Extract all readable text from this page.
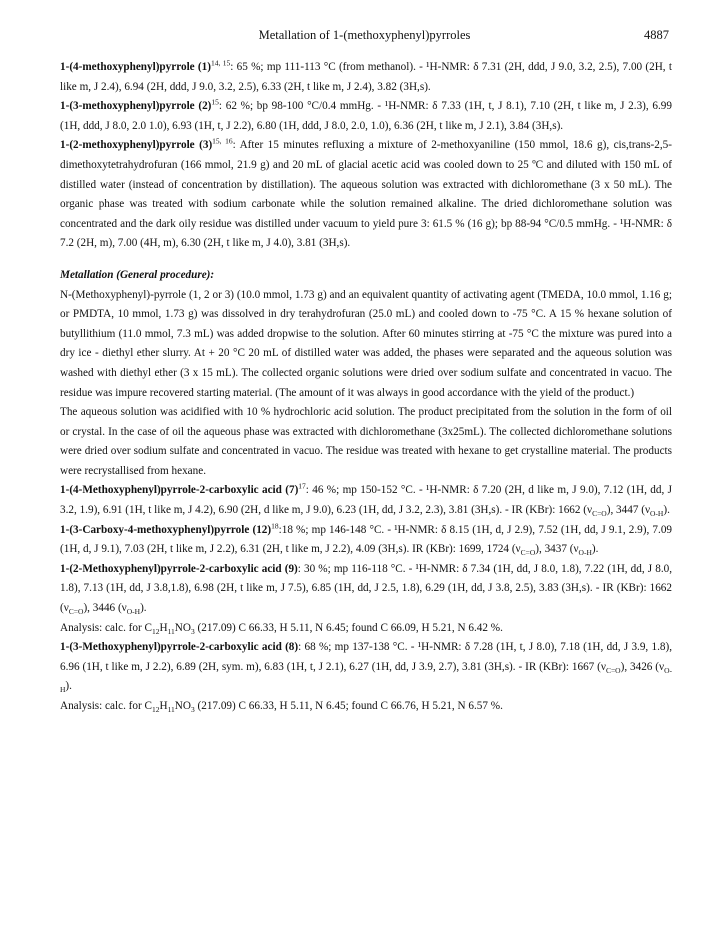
Metallation of 1-(methoxyphenyl)pyrroles	4887

1-(4-methoxyphenyl)pyrrole $(1)^{14, 15}$: 65 %; mp 111-113 °C (from methanol). - ¹H-NMR: δ 7.31 (2H, ddd, J 9.0, 3.2, 2.5), 7.00 (2H, t like m, J 2.4), 6.94 (2H, ddd, J 9.0, 3.2, 2.5), 6.33 (2H, t like m, J 2.4), 3.82 (3H,s).

1-(3-methoxyphenyl)pyrrole $(2)^{15}$: 62 %; bp 98-100 °C/0.4 mmHg. - ¹H-NMR: δ 7.33 (1H, t, J 8.1), 7.10 (2H, t like m, J 2.3), 6.99 (1H, ddd, J 8.0, 2.0 1.0), 6.93 (1H, t, J 2.2), 6.80 (1H, ddd, J 8.0, 2.0, 1.0), 6.36 (2H, t like m, J 2.1), 3.84 (3H,s).

1-(2-methoxyphenyl)pyrrole $(3)^{15, 16}$: After 15 minutes refluxing a mixture of 2-methoxyaniline (150 mmol, 18.6 g), cis,trans-2,5-dimethoxytetrahydrofuran (166 mmol, 21.9 g) and 20 mL of glacial acetic acid was cooled down to 25 ºC and diluted with 150 mL of distilled water (instead of concentration by distillation). The aqueous solution was extracted with dichloromethane (3 x 50 mL). The organic phase was treated with sodium carbonate while the solution remained alkaline. The dried dichloromethane solution was concentrated and the dark oily residue was distilled under vacuum to yield pure 3: 61.5 % (16 g); bp 88-94 °C/0.5 mmHg. - ¹H-NMR: δ 7.2 (2H, m), 7.00 (4H, m), 6.30 (2H, t like m, J 4.0), 3.81 (3H,s).

Metallation (General procedure):

N-(Methoxyphenyl)-pyrrole (1, 2 or 3) (10.0 mmol, 1.73 g) and an equivalent quantity of activating agent (TMEDA, 10.0 mmol, 1.16 g; or PMDTA, 10 mmol, 1.73 g) was dissolved in dry terahydrofuran (25.0 mL) and cooled down to -75 °C. A 15 % hexane solution of butyllithium (11.0 mmol, 7.3 mL) was added dropwise to the solution. After 60 minutes stirring at -75 °C the mixture was pured into a dry ice - diethyl ether slurry. At + 20 °C 20 mL of distilled water was added, the phases were separated and the aqueous solution was washed with diethyl ether (3 x 15 mL). The collected organic solutions were dried over sodium sulfate and concentrated in vacuo. The residue was impure recovered starting material. (The amount of it was always in good accordance with the yield of the product.)

The aqueous solution was acidified with 10 % hydrochloric acid solution. The product precipitated from the solution in the form of oil or crystal. In the case of oil the aqueous phase was extracted with dichloromethane (3x25mL). The collected dichloromethane solutions were dried over sodium sulfate and concentrated in vacuo. The residue was treated with hexane to get crystalline material. The products were recrystallised from hexane.

1-(4-Methoxyphenyl)pyrrole-2-carboxylic acid $(7)^{17}$: 46 %; mp 150-152 °C. - ¹H-NMR: δ 7.20 (2H, d like m, J 9.0), 7.12 (1H, dd, J 3.2, 1.9), 6.91 (1H, t like m, J 4.2), 6.90 (2H, d like m, J 9.0), 6.23 (1H, dd, J 3.2, 2.3), 3.81 (3H,s). - IR (KBr): 1662 $(\nu_{C=O})$, 3447 $(\nu_{O-H})$.

1-(3-Carboxy-4-methoxyphenyl)pyrrole $(12)^{18}:18$ %; mp 146-148 °C. - ¹H-NMR: δ 8.15 (1H, d, J 2.9), 7.52 (1H, dd, J 9.1, 2.9), 7.09 (1H, d, J 9.1), 7.03 (2H, t like m, J 2.2), 6.31 (2H, t like m, J 2.2), 4.09 (3H,s). IR (KBr): 1699, 1724 $(\nu_{C=O})$, 3437 $(\nu_{O-H})$.

1-(2-Methoxyphenyl)pyrrole-2-carboxylic acid (9): 30 %; mp 116-118 °C. - ¹H-NMR: δ 7.34 (1H, dd, J 8.0, 1.8), 7.22 (1H, dd, J 8.0, 1.8), 7.13 (1H, dd, J 3.8,1.8), 6.98 (2H, t like m, J 7.5), 6.85 (1H, dd, J 2.5, 1.8), 6.29 (1H, dd, J 3.8, 2.5), 3.83 (3H,s). - IR (KBr): 1662 $(\nu_{C=O})$, 3446 $(\nu_{O-H})$.

Analysis: calc. for $C_{12}H_{11}NO_3$ (217.09) C 66.33, H 5.11, N 6.45; found C 66.09, H 5.21, N 6.42 %.

1-(3-Methoxyphenyl)pyrrole-2-carboxylic acid (8): 68 %; mp 137-138 °C. - ¹H-NMR: δ 7.28 (1H, t, J 8.0), 7.18 (1H, dd, J 3.9, 1.8), 6.96 (1H, t like m, J 2.2), 6.89 (2H, sym. m), 6.83 (1H, t, J 2.1), 6.27 (1H, dd, J 3.9, 2.7), 3.81 (3H,s). - IR (KBr): 1667 $(\nu_{C=O})$, 3426 $(\nu_{O-H})$.

Analysis: calc. for $C_{12}H_{11}NO_3$ (217.09) C 66.33, H 5.11, N 6.45; found C 66.76, H 5.21, N 6.57 %.
